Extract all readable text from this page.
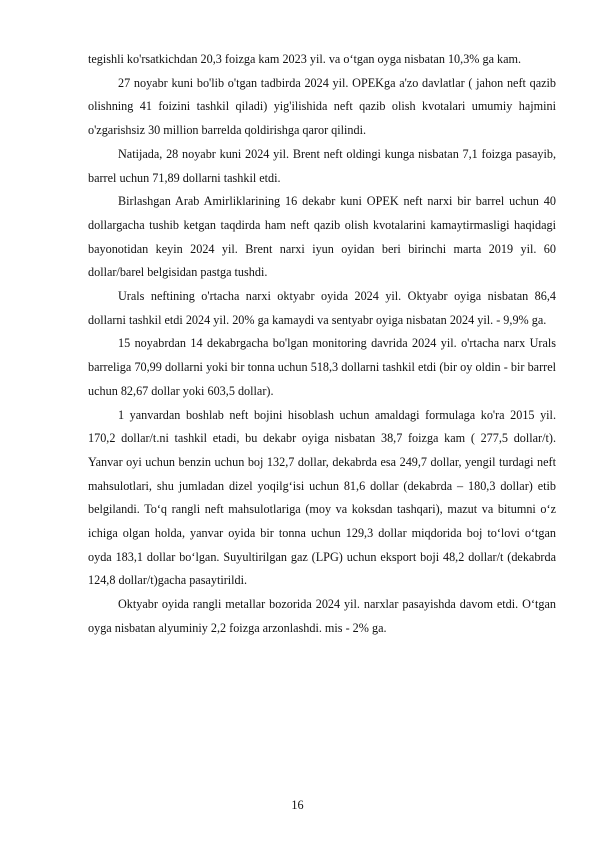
tegishli ko'rsatkichdan 20,3 foizga kam 2023 yil. va oʻtgan oyga nisbatan 10,3% ga kam.

27 noyabr kuni bo'lib o'tgan tadbirda 2024 yil. OPEKga a'zo davlatlar ( jahon neft qazib olishning 41 foizini tashkil qiladi) yig'ilishida neft qazib olish kvotalari umumiy hajmini o'zgarishsiz 30 million barrelda qoldirishga qaror qilindi.

Natijada, 28 noyabr kuni 2024 yil. Brent neft oldingi kunga nisbatan 7,1 foizga pasayib, barrel uchun 71,89 dollarni tashkil etdi.

Birlashgan Arab Amirliklarining 16 dekabr kuni OPEK neft narxi bir barrel uchun 40 dollargacha tushib ketgan taqdirda ham neft qazib olish kvotalarini kamaytirmasligi haqidagi bayonotidan keyin 2024 yil. Brent narxi iyun oyidan beri birinchi marta 2019 yil. 60 dollar/barel belgisidan pastga tushdi.

Urals neftining o'rtacha narxi oktyabr oyida 2024 yil. Oktyabr oyiga nisbatan 86,4 dollarni tashkil etdi 2024 yil. 20% ga kamaydi va sentyabr oyiga nisbatan 2024 yil. - 9,9% ga.

15 noyabrdan 14 dekabrgacha bo'lgan monitoring davrida 2024 yil. o'rtacha narx Urals barreliga 70,99 dollarni yoki bir tonna uchun 518,3 dollarni tashkil etdi (bir oy oldin - bir barrel uchun 82,67 dollar yoki 603,5 dollar).

1 yanvardan boshlab neft bojini hisoblash uchun amaldagi formulaga ko'ra 2015 yil. 170,2 dollar/t.ni tashkil etadi, bu dekabr oyiga nisbatan 38,7 foizga kam ( 277,5 dollar/t). Yanvar oyi uchun benzin uchun boj 132,7 dollar, dekabrda esa 249,7 dollar, yengil turdagi neft mahsulotlari, shu jumladan dizel yoqilgʻisi uchun 81,6 dollar (dekabrda – 180,3 dollar) etib belgilandi. Toʻq rangli neft mahsulotlariga (moy va koksdan tashqari), mazut va bitumni oʻz ichiga olgan holda, yanvar oyida bir tonna uchun 129,3 dollar miqdorida boj toʻlovi oʻtgan oyda 183,1 dollar boʻlgan. Suyultirilgan gaz (LPG) uchun eksport boji 48,2 dollar/t (dekabrda 124,8 dollar/t)gacha pasaytirildi.

Oktyabr oyida rangli metallar bozorida 2024 yil. narxlar pasayishda davom etdi. Oʻtgan oyga nisbatan alyuminiy 2,2 foizga arzonlashdi. mis - 2% ga.

16
